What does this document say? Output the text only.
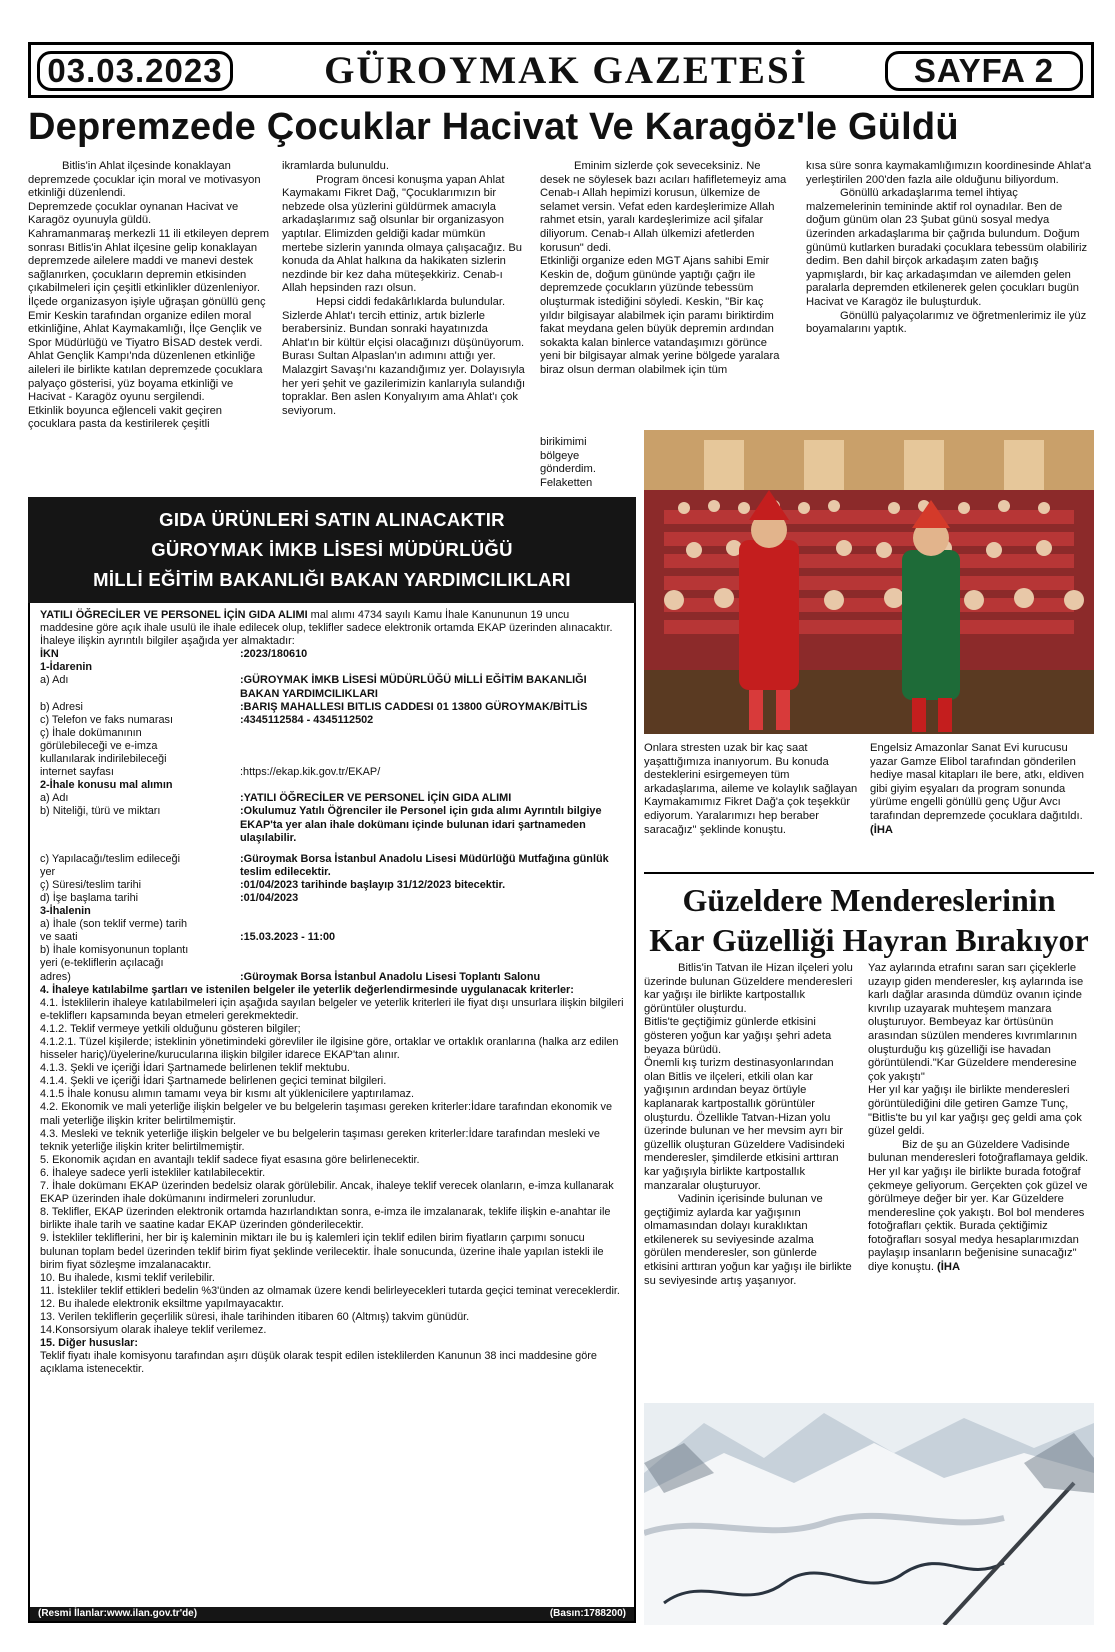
03.03.2023	GÜROYMAK GAZETESİ	SAYFA 2
Depremzede Çocuklar Hacivat Ve Karagöz'le Güldü

Bitlis'in Ahlat ilçesinde konaklayan depremzede çocuklar için moral ve motivasyon etkinliği düzenlendi.

Depremzede çocuklar oynanan Hacivat ve Karagöz oyunuyla güldü.

Kahramanmaraş merkezli 11 ili etkileyen deprem sonrası Bitlis'in Ahlat ilçesine gelip konaklayan depremzede ailelere maddi ve manevi destek sağlanırken, çocukların depremin etkisinden çıkabilmeleri için çeşitli etkinlikler düzenleniyor. İlçede organizasyon işiyle uğraşan gönüllü genç Emir Keskin tarafından organize edilen moral etkinliğine, Ahlat Kaymakamlığı, İlçe Gençlik ve Spor Müdürlüğü ve Tiyatro BİSAD destek verdi. Ahlat Gençlik Kampı'nda düzenlenen etkinliğe aileleri ile birlikte katılan depremzede çocuklara palyaço gösterisi, yüz boyama etkinliği ve Hacivat - Karagöz oyunu sergilendi.

Etkinlik boyunca eğlenceli vakit geçiren çocuklara pasta da kestirilerek çeşitli

ikramlarda bulunuldu.

Program öncesi konuşma yapan Ahlat Kaymakamı Fikret Dağ, "Çocuklarımızın bir nebzede olsa yüzlerini güldürmek amacıyla arkadaşlarımız sağ olsunlar bir organizasyon yaptılar. Elimizden geldiği kadar mümkün mertebe sizlerin yanında olmaya çalışacağız. Bu konuda da Ahlat halkına da hakikaten sizlerin nezdinde bir kez daha müteşekkiriz. Cenab-ı Allah hepsinden razı olsun.

Hepsi ciddi fedakârlıklarda bulundular. Sizlerde Ahlat'ı tercih ettiniz, artık bizlerle berabersiniz. Bundan sonraki hayatınızda Ahlat'ın bir kültür elçisi olacağınızı düşünüyorum. Burası Sultan Alpaslan'ın adımını attığı yer. Malazgirt Savaşı'nı kazandığımız yer. Dolayısıyla her yeri şehit ve gazilerimizin kanlarıyla sulandığı topraklar. Ben aslen Konyalıyım ama Ahlat'ı çok seviyorum.

Eminim sizlerde çok seveceksiniz. Ne desek ne söylesek bazı acıları hafifletemeyiz ama Cenab-ı Allah hepimizi korusun, ülkemize de selamet versin. Vefat eden kardeşlerimize Allah rahmet etsin, yaralı kardeşlerimize acil şifalar diliyorum. Cenab-ı Allah ülkemizi afetlerden korusun" dedi.

Etkinliği organize eden MGT Ajans sahibi Emir Keskin de, doğum gününde yaptığı çağrı ile depremzede çocukların yüzünde tebessüm oluşturmak istediğini söyledi. Keskin, "Bir kaç yıldır bilgisayar alabilmek için paramı biriktirdim fakat meydana gelen büyük depremin ardından sokakta kalan binlerce vatandaşımızı görünce yeni bir bilgisayar almak yerine bölgede yaralara biraz olsun derman olabilmek için tüm

birikimimi bölgeye gönderdim. Felaketten

kısa süre sonra kaymakamlığımızın koordinesinde Ahlat'a yerleştirilen 200'den fazla aile olduğunu biliyordum.

Gönüllü arkadaşlarıma temel ihtiyaç malzemelerinin temininde aktif rol oynadılar. Ben de doğum günüm olan 23 Şubat günü sosyal medya üzerinden arkadaşlarıma bir çağrıda bulundum. Doğum günümü kutlarken buradaki çocuklara tebessüm olabiliriz dedim. Ben dahil birçok arkadaşım zaten bağış yapmışlardı, bir kaç arkadaşımdan ve ailemden gelen paralarla depremden etkilenerek gelen çocukları bugün Hacivat ve Karagöz ile buluşturduk.

Gönüllü palyaçolarımız ve öğretmenlerimiz ile yüz boyamalarını yaptık.

Onlara stresten uzak bir kaç saat yaşattığımıza inanıyorum. Bu konuda desteklerini esirgemeyen tüm arkadaşlarıma, aileme ve kolaylık sağlayan Kaymakamımız Fikret Dağ'a çok teşekkür ediyorum. Yaralarımızı hep beraber saracağız" şeklinde konuştu.

Engelsiz Amazonlar Sanat Evi kurucusu yazar Gamze Elibol tarafından gönderilen hediye masal kitapları ile bere, atkı, eldiven gibi giyim eşyaları da program sonunda yürüme engelli gönüllü genç Uğur Avcı tarafından depremzede çocuklara dağıtıldı. (İHA

GIDA ÜRÜNLERİ SATIN ALINACAKTIR
GÜROYMAK İMKB LİSESİ MÜDÜRLÜĞÜ
MİLLİ EĞİTİM BAKANLIĞI BAKAN YARDIMCILIKLARI
YATILI ÖĞRECİLER VE PERSONEL İÇİN GIDA ALIMI mal alımı 4734 sayılı Kamu İhale Kanununun 19 uncu maddesine göre açık ihale usulü ile ihale edilecek olup, teklifler sadece elektronik ortamda EKAP üzerinden alınacaktır.
İhaleye ilişkin ayrıntılı bilgiler aşağıda yer almaktadır:
İKN	:2023/180610
1-İdarenin
a) Adı	:GÜROYMAK İMKB LİSESİ MÜDÜRLÜĞÜ MİLLİ EĞİTİM BAKANLIĞI BAKAN YARDIMCILIKLARI
b) Adresi	:BARIŞ MAHALLESI BITLIS CADDESI 01 13800 GÜROYMAK/BİTLİS
c) Telefon ve faks numarası	:4345112584 - 4345112502
ç) İhale dokümanının görülebileceği ve e-imza kullanılarak indirilebileceği internet sayfası	:https://ekap.kik.gov.tr/EKAP/
2-İhale konusu mal alımın
a) Adı	:YATILI ÖĞRECİLER VE PERSONEL İÇİN GIDA ALIMI
b) Niteliği, türü ve miktarı	:Okulumuz Yatılı Öğrenciler ile Personel için gıda alımı Ayrıntılı bilgiye EKAP'ta yer alan ihale dokümanı içinde bulunan idari şartnameden ulaşılabilir.
c) Yapılacağı/teslim edileceği yer
:Güroymak Borsa İstanbul Anadolu Lisesi Müdürlüğü Mutfağına günlük teslim edilecektir.
ç) Süresi/teslim tarihi	:01/04/2023 tarihinde başlayıp 31/12/2023 bitecektir.
d) İşe başlama tarihi	:01/04/2023
3-İhalenin
a) İhale (son teklif verme) tarih ve saati	:15.03.2023 - 11:00
b) İhale komisyonunun toplantı yeri (e-tekliflerin açılacağı adres)	:Güroymak Borsa İstanbul Anadolu Lisesi Toplantı Salonu
4. İhaleye katılabilme şartları ve istenilen belgeler ile yeterlik değerlendirmesinde uygulanacak kriterler:
4.1. İsteklilerin ihaleye katılabilmeleri için aşağıda sayılan belgeler ve yeterlik kriterleri ile fiyat dışı unsurlara ilişkin bilgileri e-tekliflerı kapsamında beyan etmeleri gerekmektedir.
4.1.2. Teklif vermeye yetkili olduğunu gösteren bilgiler;
4.1.2.1. Tüzel kişilerde; isteklinin yönetimindeki görevliler ile ilgisine göre, ortaklar ve ortaklık oranlarına (halka arz edilen hisseler hariç)/üyelerine/kurucularına ilişkin bilgiler idarece EKAP'tan alınır.
4.1.3. Şekli ve içeriği İdari Şartnamede belirlenen teklif mektubu.
4.1.4. Şekli ve içeriği İdari Şartnamede belirlenen geçici teminat bilgileri.
4.1.5 İhale konusu alımın tamamı veya bir kısmı alt yüklenicilere yaptırılamaz.
4.2. Ekonomik ve mali yeterliğe ilişkin belgeler ve bu belgelerin taşıması gereken kriterler:İdare tarafından ekonomik ve mali yeterliğe ilişkin kriter belirtilmemiştir.
4.3. Mesleki ve teknik yeterliğe ilişkin belgeler ve bu belgelerin taşıması gereken kriterler:İdare tarafından mesleki ve teknik yeterliğe ilişkin kriter belirtilmemiştir.
5. Ekonomik açıdan en avantajlı teklif sadece fiyat esasına göre belirlenecektir.
6. İhaleye sadece yerli istekliler katılabilecektir.
7. İhale dokümanı EKAP üzerinden bedelsiz olarak görülebilir. Ancak, ihaleye teklif verecek olanların, e-imza kullanarak EKAP üzerinden ihale dokümanını indirmeleri zorunludur.
8. Teklifler, EKAP üzerinden elektronik ortamda hazırlandıktan sonra, e-imza ile imzalanarak, teklife ilişkin e-anahtar ile birlikte ihale tarih ve saatine kadar EKAP üzerinden gönderilecektir.
9. İstekliler tekliflerini, her bir iş kaleminin miktarı ile bu iş kalemleri için teklif edilen birim fiyatların çarpımı sonucu bulunan toplam bedel üzerinden teklif birim fiyat şeklinde verilecektir. İhale sonucunda, üzerine ihale yapılan istekli ile birim fiyat sözleşme imzalanacaktır.
10. Bu ihalede, kısmi teklif verilebilir.
11. İstekliler teklif ettikleri bedelin %3'ünden az olmamak üzere kendi belirleyecekleri tutarda geçici teminat vereceklerdir.
12. Bu ihalede elektronik eksiltme yapılmayacaktır.
13. Verilen tekliflerin geçerlilik süresi, ihale tarihinden itibaren 60 (Altmış) takvim günüdür.
14.Konsorsiyum olarak ihaleye teklif verilemez.
15. Diğer hususlar:
Teklif fiyatı ihale komisyonu tarafından aşırı düşük olarak tespit edilen isteklilerden Kanunun 38 inci maddesine göre açıklama istenecektir.
(Resmi İlanlar:www.ilan.gov.tr'de)	(Basın:1788200)
Güzeldere Mendereslerinin
Kar Güzelliği Hayran Bırakıyor

Bitlis'in Tatvan ile Hizan ilçeleri yolu üzerinde bulunan Güzeldere menderesleri kar yağışı ile birlikte kartpostallık görüntüler oluşturdu.

Bitlis'te geçtiğimiz günlerde etkisini gösteren yoğun kar yağışı şehri adeta beyaza bürüdü.

Önemli kış turizm destinasyonlarından olan Bitlis ve ilçeleri, etkili olan kar yağışının ardından beyaz örtüyle kaplanarak kartpostallık görüntüler oluşturdu. Özellikle Tatvan-Hizan yolu üzerinde bulunan ve her mevsim ayrı bir güzellik oluşturan Güzeldere Vadisindeki menderesler, şimdilerde etkisini arttıran kar yağışıyla birlikte kartpostallık manzaralar oluşturuyor.

Vadinin içerisinde bulunan ve geçtiğimiz aylarda kar yağışının olmamasından dolayı kuraklıktan etkilenerek su seviyesinde azalma görülen menderesler, son günlerde etkisini arttıran yoğun kar yağışı ile birlikte su seviyesinde artış yaşanıyor.

Yaz aylarında etrafını saran sarı çiçeklerle uzayıp giden menderesler, kış aylarında ise karlı dağlar arasında dümdüz ovanın içinde kıvrılıp uzayarak muhteşem manzara oluşturuyor. Bembeyaz kar örtüsünün arasından süzülen menderes kıvrımlarının oluşturduğu kış güzelliği ise havadan görüntülendi."Kar Güzeldere menderesine çok yakıştı"

Her yıl kar yağışı ile birlikte menderesleri görüntülediğini dile getiren Gamze Tunç, "Bitlis'te bu yıl kar yağışı geç geldi ama çok güzel geldi.

Biz de şu an Güzeldere Vadisinde bulunan menderesleri fotoğraflamaya geldik. Her yıl kar yağışı ile birlikte burada fotoğraf çekmeye geliyorum. Gerçekten çok güzel ve görülmeye değer bir yer. Kar Güzeldere menderesline çok yakıştı. Bol bol menderes fotoğrafları çektik. Burada çektiğimiz fotoğrafları sosyal medya hesaplarımızdan paylaşıp insanların beğenisine sunacağız" diye konuştu. (İHA
